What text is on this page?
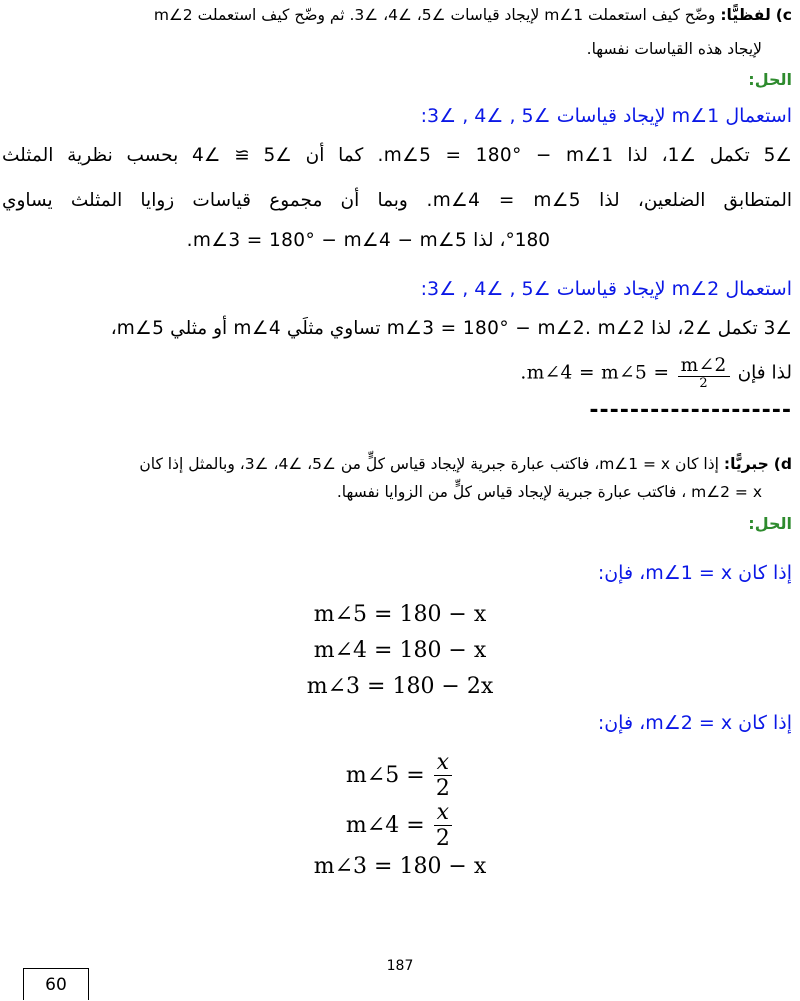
c) لفظيًّا: وضّح كيف استعملت m∠1 لإيجاد قياسات ∠5، ∠4، ∠3. ثم وضّح كيف استعملت m∠2
لإيجاد هذه القياسات نفسها.
الحل:
استعمال m∠1 لإيجاد قياسات ∠5 , ∠4 , ∠3:
∠5 تكمل ∠1، لذا m∠5 = 180° − m∠1. كما أن ∠5 ≅ ∠4 بحسب نظرية المثلث
المتطابق الضلعين، لذا m∠4 = m∠5. وبما أن مجموع قياسات زوايا المثلث يساوي
°180، لذا m∠3 = 180° − m∠4 − m∠5.
استعمال m∠2 لإيجاد قياسات ∠5 , ∠4 , ∠3:
∠3 تكمل ∠2، لذا m∠3 = 180° − m∠2. m∠2 تساوي مثلَي m∠4 أو مثلي m∠5،
لذا فإن .m∠4 = m∠5 = $\frac{m\angle 2}{2}$
--------------------
d) جبريًّا: إذا كان m∠1 = x، فاكتب عبارة جبرية لإيجاد قياس كلٍّ من ∠5، ∠4، ∠3، وبالمثل إذا كان
m∠2 = x ، فاكتب عبارة جبرية لإيجاد قياس كلٍّ من الزوايا نفسها.
الحل:
إذا كان m∠1 = x، فإن:
m∠5 = 180 − x
m∠4 = 180 − x
m∠3 = 180 − 2x
إذا كان m∠2 = x، فإن:
m∠5 = $\frac{x}{2}$
m∠4 = $\frac{x}{2}$
m∠3 = 180 − x
187
60
